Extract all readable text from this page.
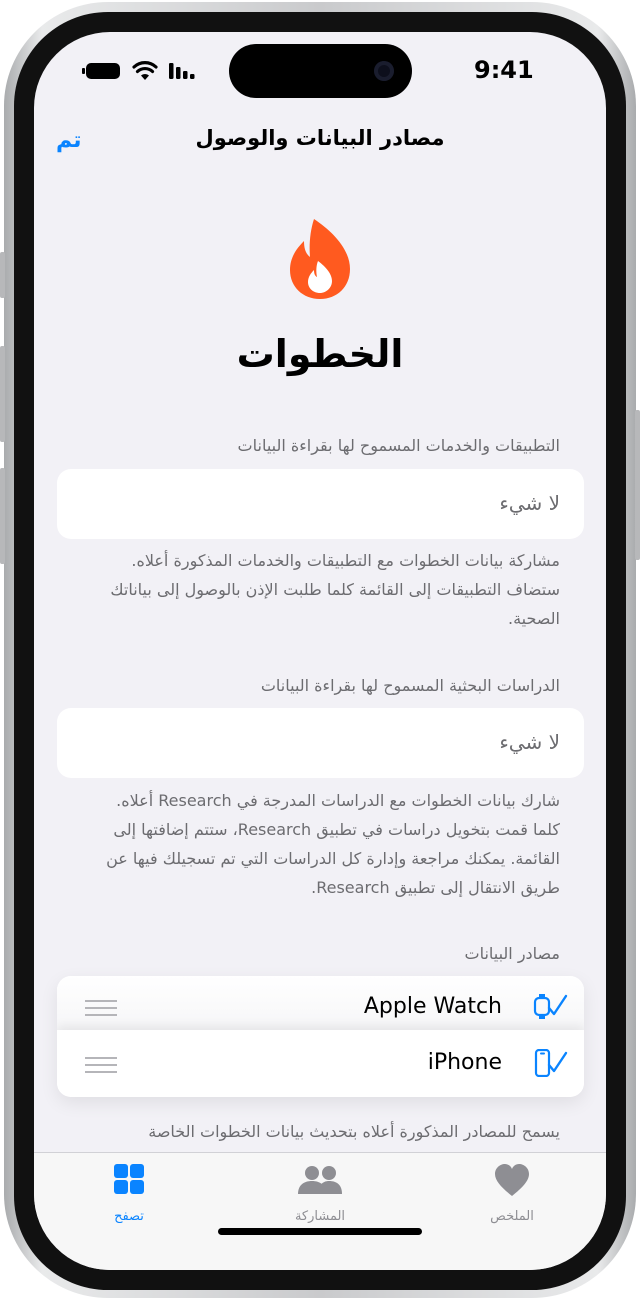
9:41
تم	مصادر البيانات والوصول
الخطوات
التطبيقات والخدمات المسموح لها بقراءة البيانات
لا شيء
مشاركة بيانات الخطوات مع التطبيقات والخدمات المذكورة أعلاه. ستضاف التطبيقات إلى القائمة كلما طلبت الإذن بالوصول إلى بياناتك الصحية.
الدراسات البحثية المسموح لها بقراءة البيانات
لا شيء
شارك بيانات الخطوات مع الدراسات المدرجة في Research أعلاه. كلما قمت بتخويل دراسات في تطبيق Research، ستتم إضافتها إلى القائمة. يمكنك مراجعة وإدارة كل الدراسات التي تم تسجيلك فيها عن طريق الانتقال إلى تطبيق Research.
مصادر البيانات
Apple Watch
iPhone
يسمح للمصادر المذكورة أعلاه بتحديث بيانات الخطوات الخاصة
تصفح	المشاركة	الملخص
